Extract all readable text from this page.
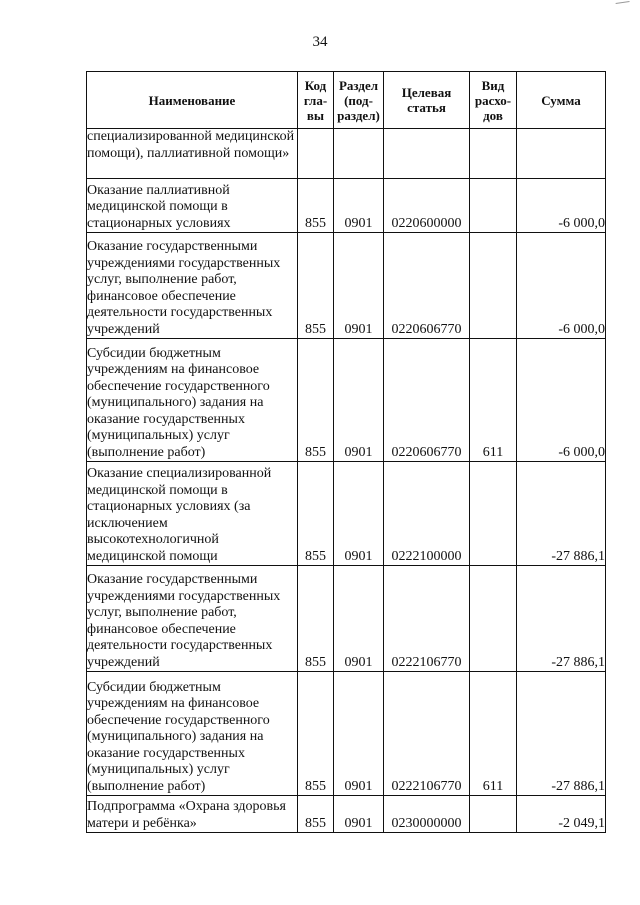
34
Наименование	Код гла-вы	Раздел (под-раздел)	Целевая статья	Вид расхо-дов	Сумма
специализированной медицинской помощи), паллиативной помощи»					
Оказание паллиативной медицинской помощи в стационарных условиях	855	0901	0220600000		-6 000,0
Оказание государственными учреждениями государственных услуг, выполнение работ, финансовое обеспечение деятельности государственных учреждений	855	0901	0220606770		-6 000,0
Субсидии бюджетным учреждениям на финансовое обеспечение государственного (муниципального) задания на оказание государственных (муниципальных) услуг (выполнение работ)	855	0901	0220606770	611	-6 000,0
Оказание специализированной медицинской помощи в стационарных условиях (за исключением высокотехнологичной медицинской помощи	855	0901	0222100000		-27 886,1
Оказание государственными учреждениями государственных услуг, выполнение работ, финансовое обеспечение деятельности государственных учреждений	855	0901	0222106770		-27 886,1
Субсидии бюджетным учреждениям на финансовое обеспечение государственного (муниципального) задания на оказание государственных (муниципальных) услуг (выполнение работ)	855	0901	0222106770	611	-27 886,1
Подпрограмма «Охрана здоровья матери и ребёнка»	855	0901	0230000000		-2 049,1
